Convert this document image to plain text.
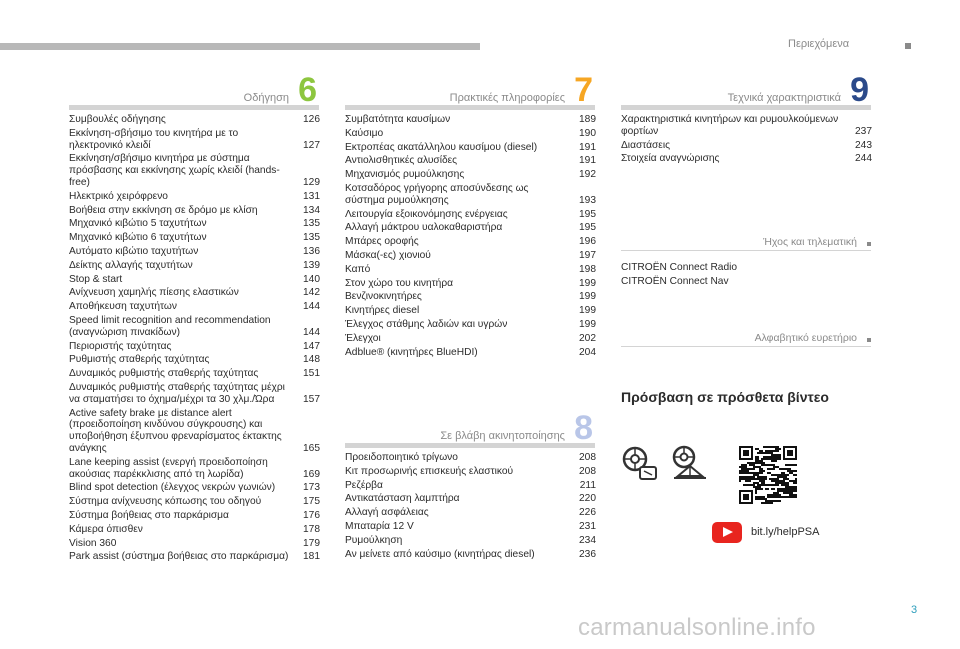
Περιεχόμενα
Οδήγηση 6
Συμβουλές οδήγησης	126
Εκκίνηση-σβήσιμο του κινητήρα με το ηλεκτρονικό κλειδί	127
Εκκίνηση/σβήσιμο κινητήρα με σύστημα πρόσβασης και εκκίνησης χωρίς κλειδί (hands-free)	129
Ηλεκτρικό χειρόφρενο	131
Βοήθεια στην εκκίνηση σε δρόμο με κλίση	134
Μηχανικό κιβώτιο 5 ταχυτήτων	135
Μηχανικό κιβώτιο 6 ταχυτήτων	135
Αυτόματο κιβώτιο ταχυτήτων	136
Δείκτης αλλαγής ταχυτήτων	139
Stop & start	140
Ανίχνευση χαμηλής πίεσης ελαστικών	142
Αποθήκευση ταχυτήτων	144
Speed limit recognition and recommendation (αναγνώριση πινακίδων)	144
Περιοριστής ταχύτητας	147
Ρυθμιστής σταθερής ταχύτητας	148
Δυναμικός ρυθμιστής σταθερής ταχύτητας	151
Δυναμικός ρυθμιστής σταθερής ταχύτητας μέχρι να σταματήσει το όχημα/μέχρι τα 30 χλμ./Ώρα	157
Active safety brake με distance alert (προειδοποίηση κινδύνου σύγκρουσης) και υποβοήθηση έξυπνου φρεναρίσματος έκτακτης ανάγκης	165
Lane keeping assist (ενεργή προειδοποίηση ακούσιας παρέκκλισης από τη λωρίδα)	169
Blind spot detection (έλεγχος νεκρών γωνιών)	173
Σύστημα ανίχνευσης κόπωσης του οδηγού	175
Σύστημα βοήθειας στο παρκάρισμα	176
Κάμερα όπισθεν	178
Vision 360	179
Park assist (σύστημα βοήθειας στο παρκάρισμα)	181
Πρακτικές πληροφορίες 7
Συμβατότητα καυσίμων	189
Καύσιμο	190
Εκτροπέας ακατάλληλου καυσίμου (diesel)	191
Αντιολισθητικές αλυσίδες	191
Μηχανισμός ρυμούλκησης	192
Κοτσαδόρος γρήγορης αποσύνδεσης ως σύστημα ρυμούλκησης	193
Λειτουργία εξοικονόμησης ενέργειας	195
Αλλαγή μάκτρου υαλοκαθαριστήρα	195
Μπάρες οροφής	196
Μάσκα(-ες) χιονιού	197
Καπό	198
Στον χώρο του κινητήρα	199
Βενζινοκινητήρες	199
Κινητήρες diesel	199
Έλεγχος στάθμης λαδιών και υγρών	199
Έλεγχοι	202
Adblue® (κινητήρες BlueHDI)	204
Σε βλάβη ακινητοποίησης 8
Προειδοποιητικό τρίγωνο	208
Κιτ προσωρινής επισκευής ελαστικού	208
Ρεζέρβα	211
Αντικατάσταση λαμπτήρα	220
Αλλαγή ασφάλειας	226
Μπαταρία 12 V	231
Ρυμούλκηση	234
Αν μείνετε από καύσιμο (κινητήρας diesel)	236
Τεχνικά χαρακτηριστικά 9
Χαρακτηριστικά κινητήρων και ρυμουλκούμενων φορτίων	237
Διαστάσεις	243
Στοιχεία αναγνώρισης	244
Ήχος και τηλεματική
CITROËN Connect Radio
CITROËN Connect Nav
Αλφαβητικό ευρετήριο
Πρόσβαση σε πρόσθετα βίντεο
bit.ly/helpPSA
3
carmanualsonline.info
